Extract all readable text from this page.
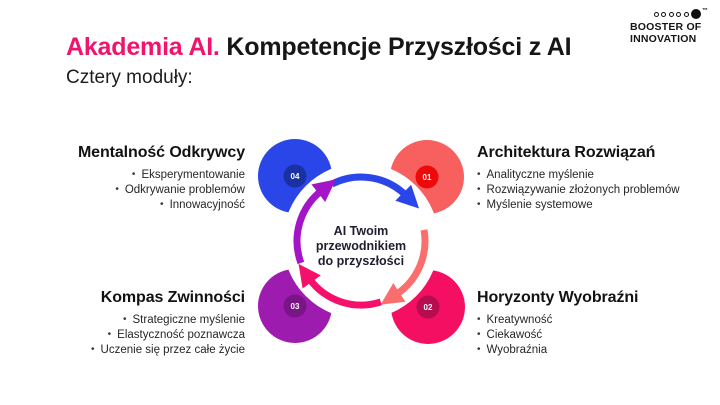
Akademia AI. Kompetencje Przyszłości z AI
Cztery moduły:
™
BOOSTER OF
INNOVATION
Mentalność Odkrywcy
• Eksperymentowanie
• Odkrywanie problemów
• Innowacyjność
Architektura Rozwiązań
• Analityczne myślenie
• Rozwiązywanie złożonych problemów
• Myślenie systemowe
Kompas Zwinności
• Strategiczne myślenie
• Elastyczność poznawcza
• Uczenie się przez całe życie
Horyzonty Wyobraźni
• Kreatywność
• Ciekawość
• Wyobraźnia
AI Twoim
przewodnikiem
do przyszłości
04	01
03	02
